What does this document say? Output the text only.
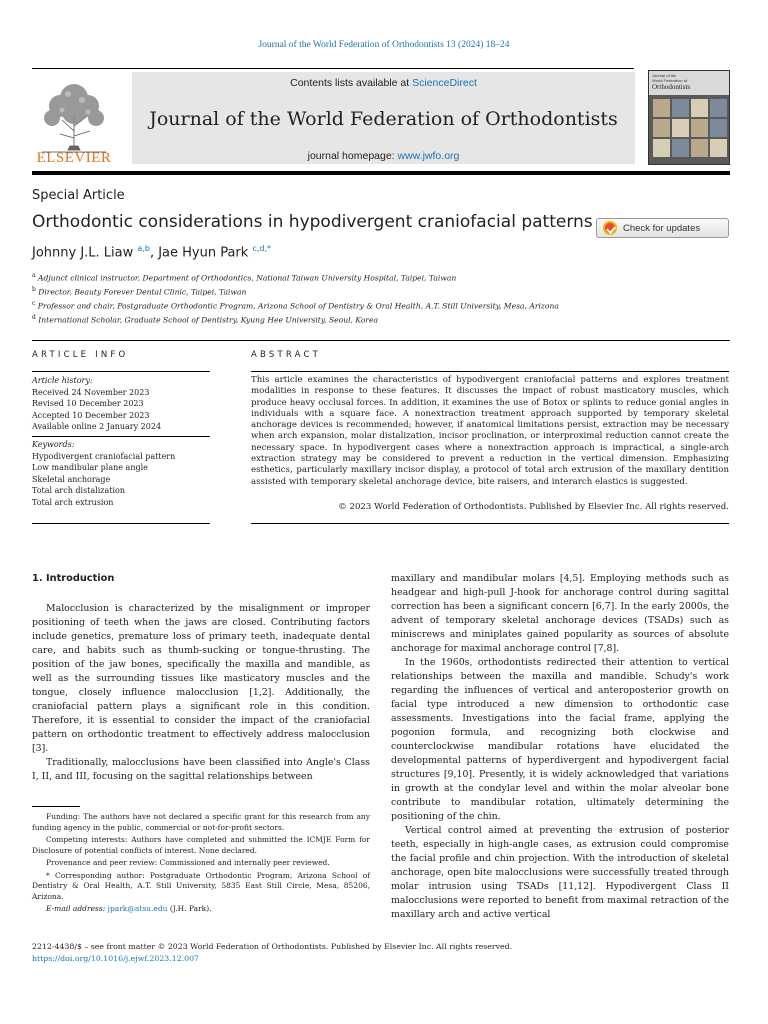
Journal of the World Federation of Orthodontists 13 (2024) 18–24
ELSEVIER
Contents lists available at ScienceDirect
Journal of the World Federation of Orthodontists
journal homepage: www.jwfo.org
Journal of the
World Federation of
Orthodontists
Special Article
Orthodontic considerations in hypodivergent craniofacial patterns	Check for updates
Johnny J.L. Liaw $^{a,b}$, Jae Hyun Park $^{c,d,*}$
$^a$ Adjunct clinical instructor, Department of Orthodontics, National Taiwan University Hospital, Taipei, Taiwan
$^b$ Director, Beauty Forever Dental Clinic, Taipei, Taiwan
$^c$ Professor and chair, Postgraduate Orthodontic Program, Arizona School of Dentistry & Oral Health, A.T. Still University, Mesa, Arizona
$^d$ International Scholar, Graduate School of Dentistry, Kyung Hee University, Seoul, Korea
ARTICLE INFO	ABSTRACT
Article history:
Received 24 November 2023
Revised 10 December 2023
Accepted 10 December 2023
Available online 2 January 2024
Keywords:
Hypodivergent craniofacial pattern
Low mandibular plane angle
Skeletal anchorage
Total arch distalization
Total arch extrusion
This article examines the characteristics of hypodivergent craniofacial patterns and explores treatment modalities in response to these features. It discusses the impact of robust masticatory muscles, which produce heavy occlusal forces. In addition, it examines the use of Botox or splints to reduce gonial angles in individuals with a square face. A nonextraction treatment approach supported by temporary skeletal anchorage devices is recommended; however, if anatomical limitations persist, extraction may be necessary when arch expansion, molar distalization, incisor proclination, or interproximal reduction cannot create the necessary space. In hypodivergent cases where a nonextraction approach is impractical, a single-arch extraction strategy may be considered to prevent a reduction in the vertical dimension. Emphasizing esthetics, particularly maxillary incisor display, a protocol of total arch extrusion of the maxillary dentition assisted with temporary skeletal anchorage device, bite raisers, and interarch elastics is suggested.
© 2023 World Federation of Orthodontists. Published by Elsevier Inc. All rights reserved.
1. Introduction

Malocclusion is characterized by the misalignment or improper positioning of teeth when the jaws are closed. Contributing factors include genetics, premature loss of primary teeth, inadequate dental care, and habits such as thumb-sucking or tongue-thrusting. The position of the jaw bones, specifically the maxilla and mandible, as well as the surrounding tissues like masticatory muscles and the tongue, closely influence malocclusion [1,2]. Additionally, the craniofacial pattern plays a significant role in this condition. Therefore, it is essential to consider the impact of the craniofacial pattern on orthodontic treatment to effectively address malocclusion [3].

Traditionally, malocclusions have been classified into Angle's Class I, II, and III, focusing on the sagittal relationships between

maxillary and mandibular molars [4,5]. Employing methods such as headgear and high-pull J-hook for anchorage control during sagittal correction has been a significant concern [6,7]. In the early 2000s, the advent of temporary skeletal anchorage devices (TSADs) such as miniscrews and miniplates gained popularity as sources of absolute anchorage for maximal anchorage control [7,8].

In the 1960s, orthodontists redirected their attention to vertical relationships between the maxilla and mandible. Schudy's work regarding the influences of vertical and anteroposterior growth on facial type introduced a new dimension to orthodontic case assessments. Investigations into the facial frame, applying the pogonion formula, and recognizing both clockwise and counterclockwise mandibular rotations have elucidated the developmental patterns of hyperdivergent and hypodivergent facial structures [9,10]. Presently, it is widely acknowledged that variations in growth at the condylar level and within the molar alveolar bone contribute to mandibular rotation, ultimately determining the positioning of the chin.

Vertical control aimed at preventing the extrusion of posterior teeth, especially in high-angle cases, as extrusion could compromise the facial profile and chin projection. With the introduction of skeletal anchorage, open bite malocclusions were successfully treated through molar intrusion using TSADs [11,12]. Hypodivergent Class II malocclusions were reported to benefit from maximal retraction of the maxillary arch and active vertical

Funding: The authors have not declared a specific grant for this research from any funding agency in the public, commercial or not-for-profit sectors.

Competing interests: Authors have completed and submitted the ICMJE Form for Disclosure of potential conflicts of interest. None declared.

Provenance and peer review: Commissioned and internally peer reviewed.

* Corresponding author: Postgraduate Orthodontic Program, Arizona School of Dentistry & Oral Health, A.T. Still University, 5835 East Still Circle, Mesa, 85206, Arizona.

E-mail address: jpark@atsu.edu (J.H. Park).

2212-4438/$ – see front matter © 2023 World Federation of Orthodontists. Published by Elsevier Inc. All rights reserved.
https://doi.org/10.1016/j.ejwf.2023.12.007
